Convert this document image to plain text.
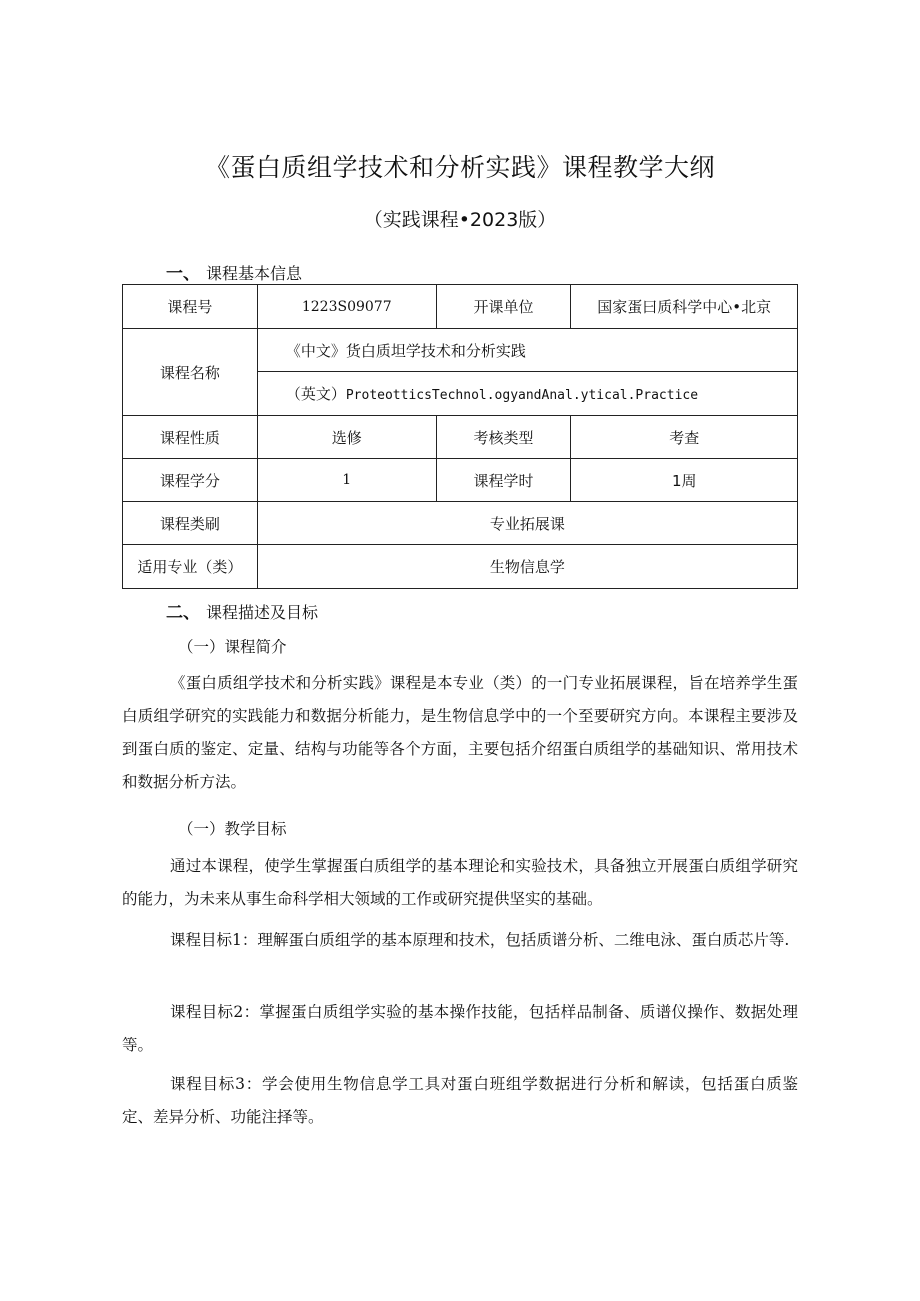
《蛋白质组学技术和分析实践》课程教学大纲
（实践课程•2023版）
一、 课程基本信息
课程号	1223S09077	开课单位	国家蛋曰质科学中心•北京
课程名称	《中文》货白质坦学技术和分析实践		
	（英文）ProteotticsTechnol.ogyandAnal.ytical.Practice		
课程性质	选修	考核类型	考查
课程学分	1	课程学时	1周
课程类刷	专业拓展课		
适用专业（类）	生物信息学		
二、 课程描述及目标
（一）课程简介

《蛋白质组学技术和分析实践》课程是本专业（类）的一门专业拓展课程，旨在培养学生蛋白质组学研究的实践能力和数据分析能力，是生物信息学中的一个至要研究方向。本课程主要涉及到蛋白质的鉴定、定量、结构与功能等各个方面，主要包括介绍蛋白质组学的基础知识、常用技术和数据分析方法。

（一）教学目标

通过本课程，使学生掌握蛋白质组学的基本理论和实验技术，具备独立开展蛋白质组学研究的能力，为未来从事生命科学相大领域的工作或研究提供坚实的基础。

课程目标1：理解蛋白质组学的基本原理和技术，包括质谱分析、二维电泳、蛋白质芯片等.

课程目标2：掌握蛋白质组学实验的基本操作技能，包括样品制备、质谱仪操作、数据处理等。

课程目标3：学会使用生物信息学工具对蛋白班组学数据进行分析和解读，包括蛋白质鉴定、差异分析、功能注择等。
